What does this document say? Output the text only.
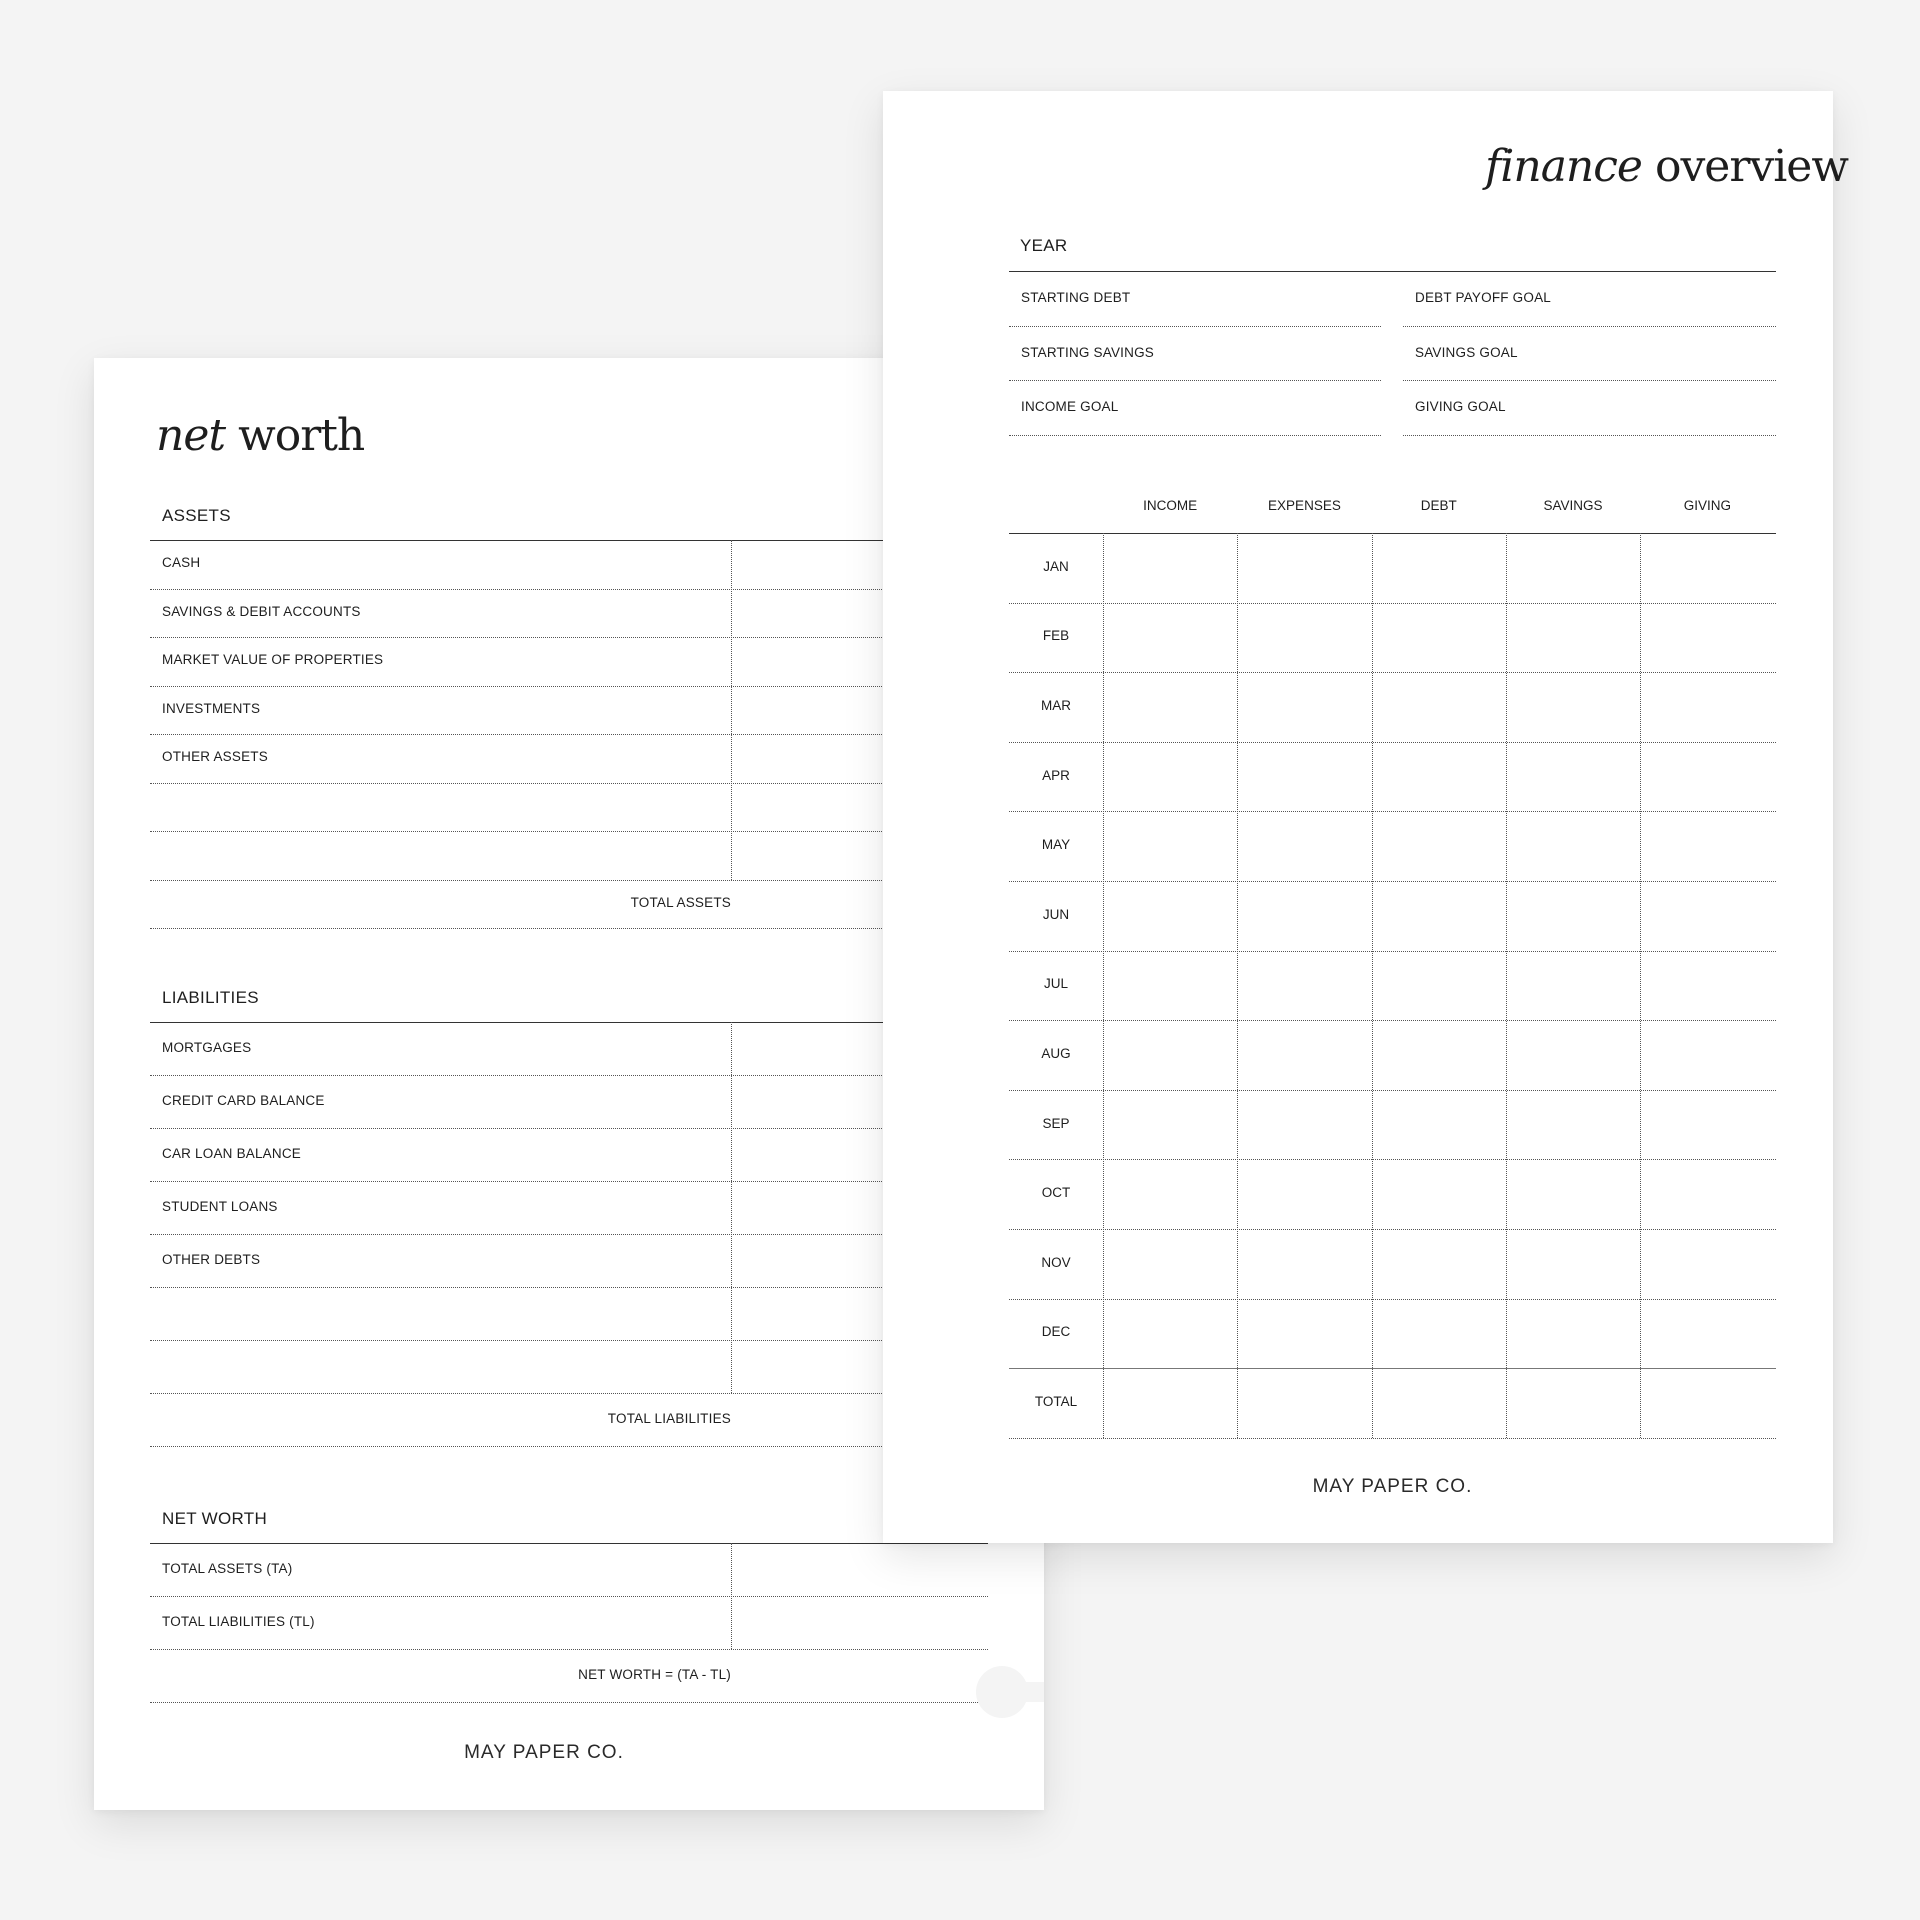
net worth
ASSETS
CASH
SAVINGS & DEBIT ACCOUNTS
MARKET VALUE OF PROPERTIES
INVESTMENTS
OTHER ASSETS
TOTAL ASSETS
LIABILITIES
MORTGAGES
CREDIT CARD BALANCE
CAR LOAN BALANCE
STUDENT LOANS
OTHER DEBTS
TOTAL LIABILITIES
NET WORTH
TOTAL ASSETS (TA)
TOTAL LIABILITIES (TL)
NET WORTH = (TA - TL)
MAY PAPER CO.
finance overview
YEAR
STARTING DEBT	DEBT PAYOFF GOAL
STARTING SAVINGS	SAVINGS GOAL
INCOME GOAL	GIVING GOAL
INCOME	EXPENSES	DEBT	SAVINGS	GIVING
JAN
FEB
MAR
APR
MAY
JUN
JUL
AUG
SEP
OCT
NOV
DEC
TOTAL
MAY PAPER CO.
